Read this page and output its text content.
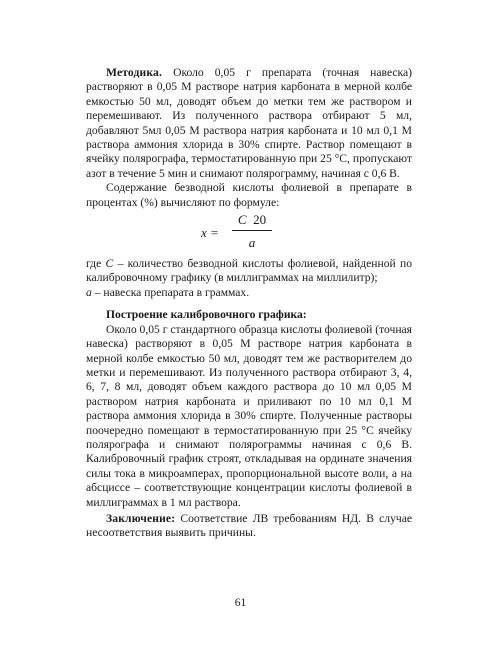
Методика. Около 0,05 г препарата (точная навеска) растворяют в 0,05 М растворе натрия карбоната в мерной колбе емкостью 50 мл, доводят объем до метки тем же раствором и перемешивают. Из полученного раствора отбирают 5 мл, добавляют 5мл 0,05 М раствора натрия карбоната и 10 мл 0,1 М раствора аммония хлорида в 30% спирте. Раствор помещают в ячейку полярографа, термостатированную при 25 °С, пропускают азот в течение 5 мин и снимают полярограмму, начиная с 0,6 В.

Содержание безводной кислоты фолиевой в препарате в процентах (%) вычисляют по формуле:

x =
C 20
a

где C – количество безводной кислоты фолиевой, найденной по калибровочному графику (в миллиграммах на миллилитр);

a – навеска препарата в граммах.

Построение калибровочного графика:

Около 0,05 г стандартного образца кислоты фолиевой (точная навеска) растворяют в 0,05 М растворе натрия карбоната в мерной колбе емкостью 50 мл, доводят тем же растворителем до метки и перемешивают. Из полученного раствора отбирают 3, 4, 6, 7, 8 мл, доводят объем каждого раствора до 10 мл 0,05 М раствором натрия карбоната и приливают по 10 мл 0,1 М раствора аммония хлорида в 30% спирте. Полученные растворы поочередно помещают в термостатированную при 25 °С ячейку полярографа и снимают полярограммы начиная с 0,6 В. Калибровочный график строят, откладывая на ординате значения силы тока в микроамперах, пропорциональной высоте воли, а на абсциссе – соответствующие концентрации кислоты фолиевой в миллиграммах в 1 мл раствора.

Заключение: Соответствие ЛВ требованиям НД. В случае несоответствия выявить причины.

61
